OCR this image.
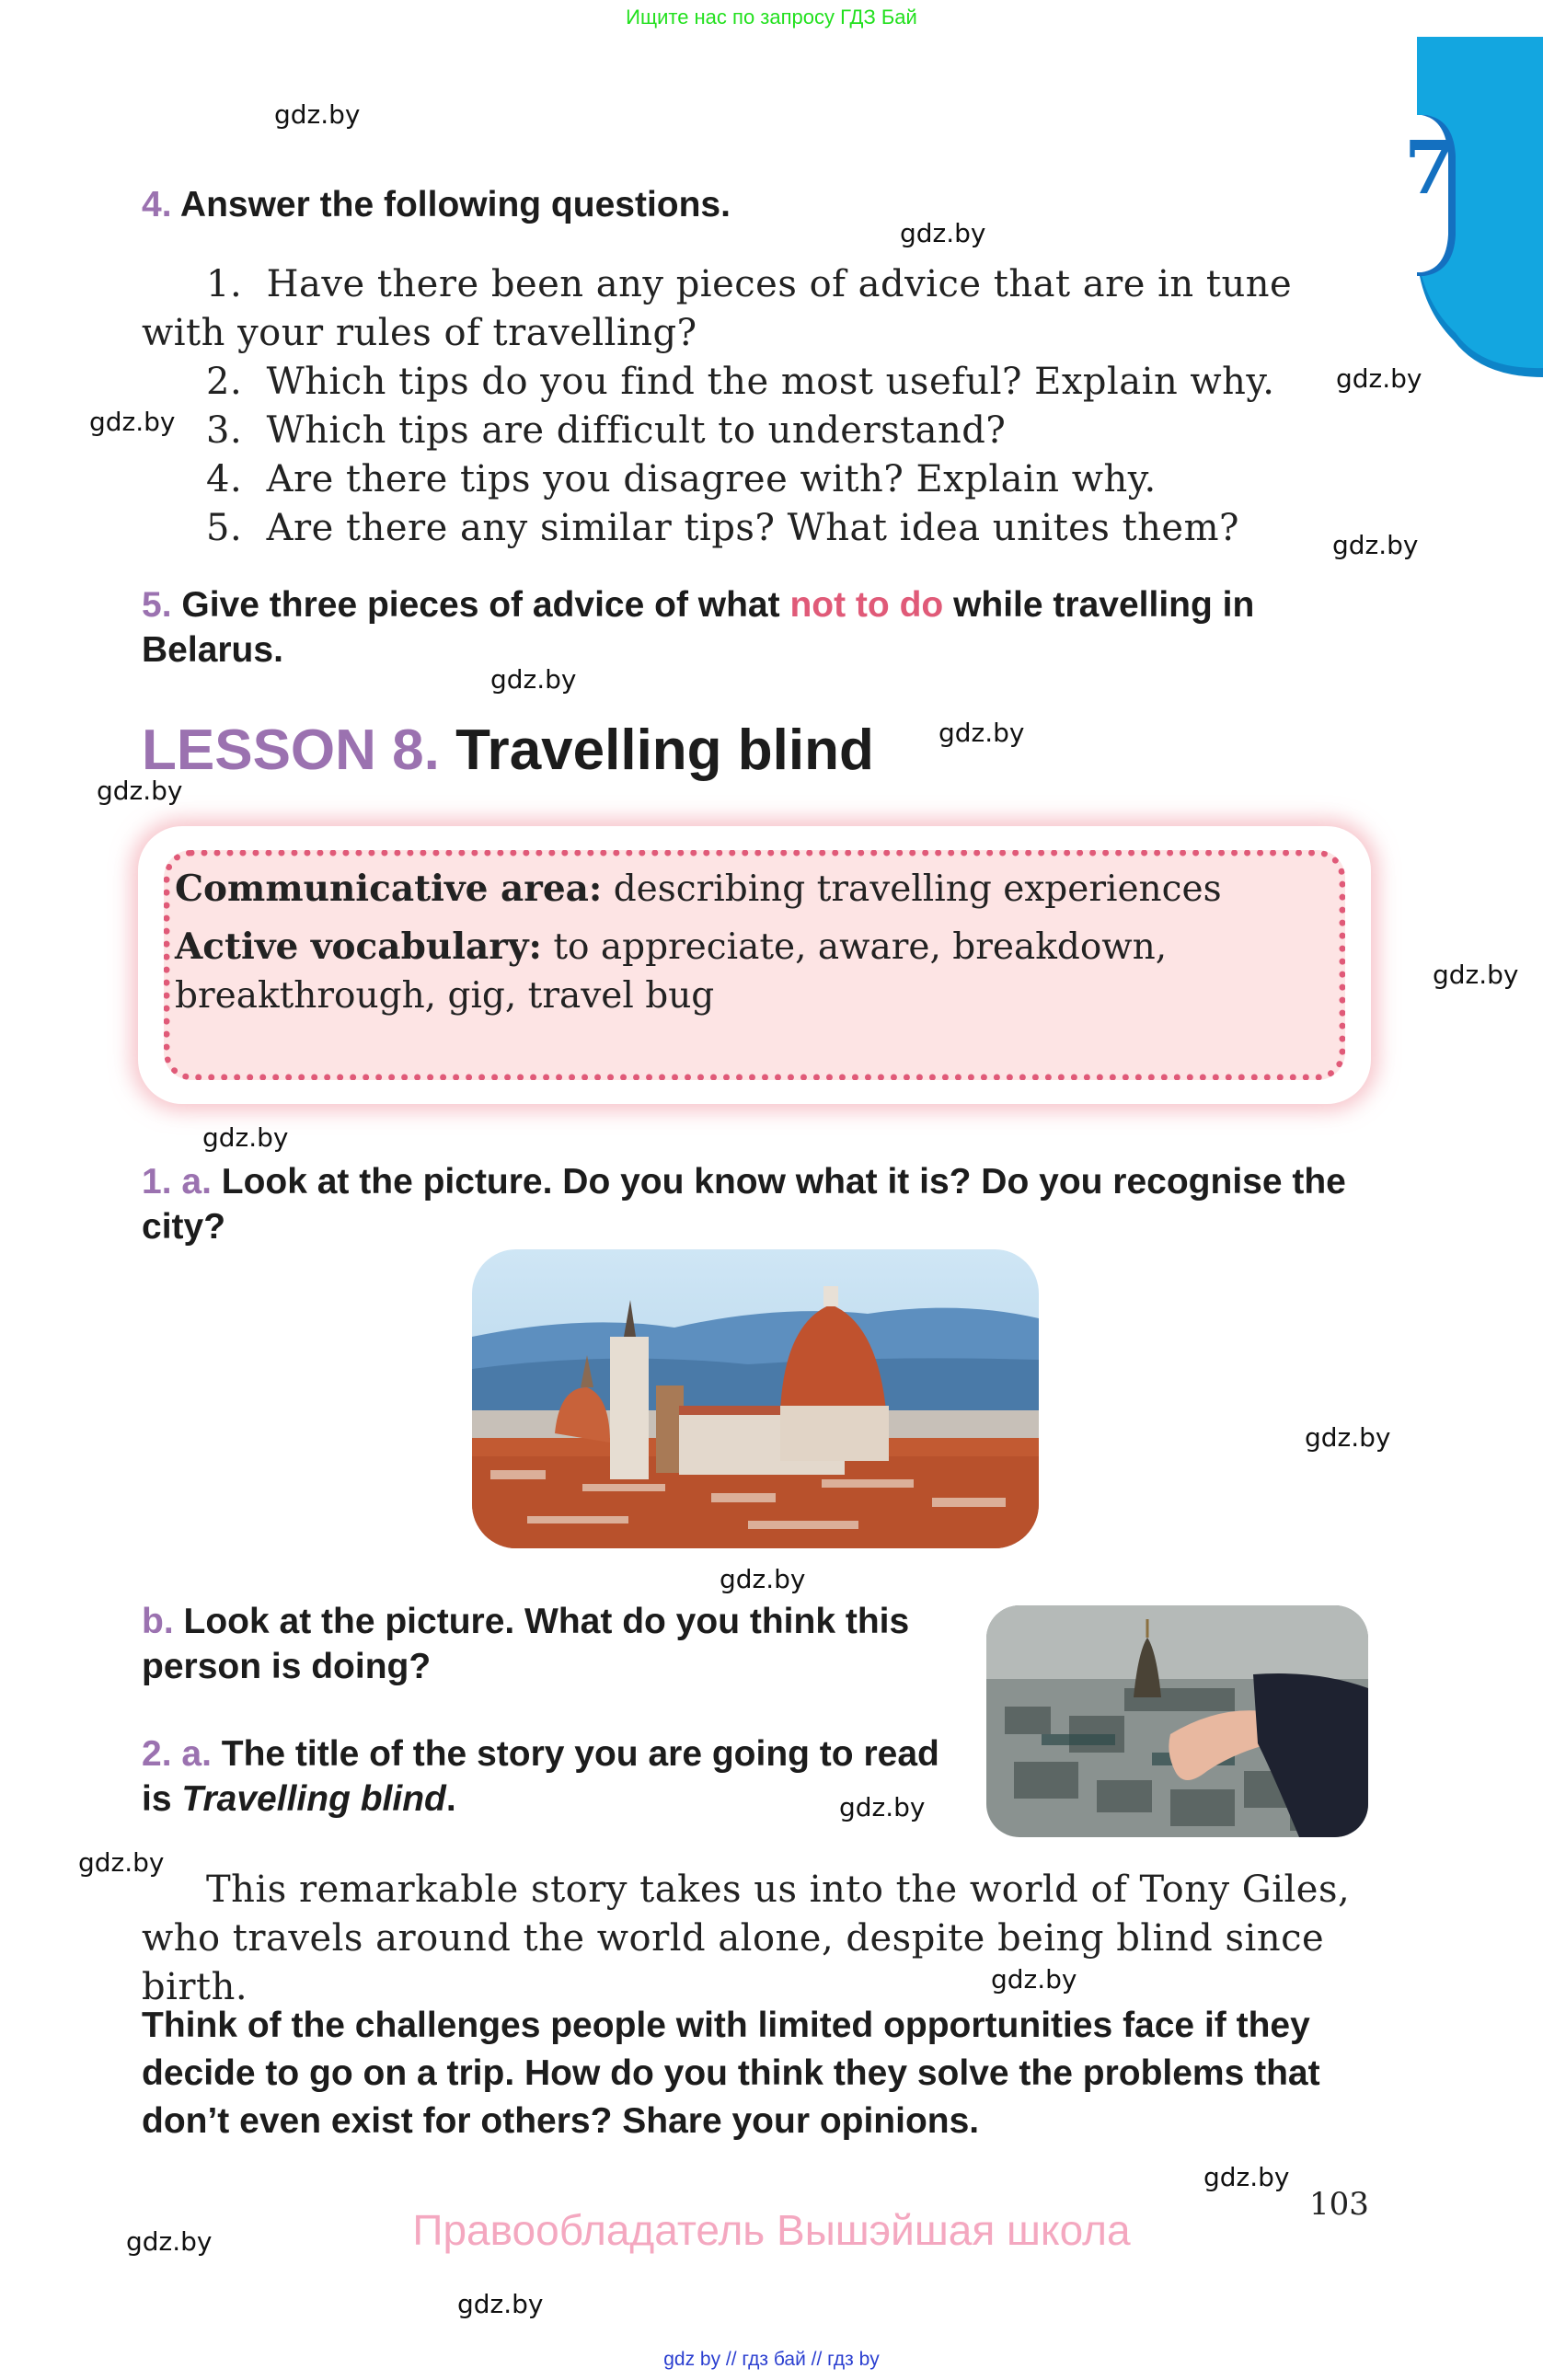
Ищите нас по запросу ГДЗ Бай
7
gdz.by
gdz.by
gdz.by
gdz.by
gdz.by
gdz.by
gdz.by
gdz.by
gdz.by
gdz.by
gdz.by
gdz.by
gdz.by
gdz.by
gdz.by
gdz.by
gdz.by
gdz.by
4. Answer the following questions.
1. Have there been any pieces of advice that are in tune with your rules of travelling?
2. Which tips do you find the most useful? Explain why.
3. Which tips are difficult to understand?
4. Are there tips you disagree with? Explain why.
5. Are there any similar tips? What idea unites them?
5. Give three pieces of advice of what not to do while travelling in Belarus.
LESSON 8. Travelling blind
Communicative area: describing travelling experiences
Active vocabulary: to appreciate, aware, breakdown, breakthrough, gig, travel bug
1. a. Look at the picture. Do you know what it is? Do you recognise the city?
b. Look at the picture. What do you think this person is doing?
2. a. The title of the story you are going to read is Travelling blind.
This remarkable story takes us into the world of Tony Giles, who travels around the world alone, despite being blind since birth.
Think of the challenges people with limited opportunities face if they decide to go on a trip. How do you think they solve the problems that don’t even exist for others? Share your opinions.
103
Правообладатель Вышэйшая школа
gdz by // гдз бай // гдз by
